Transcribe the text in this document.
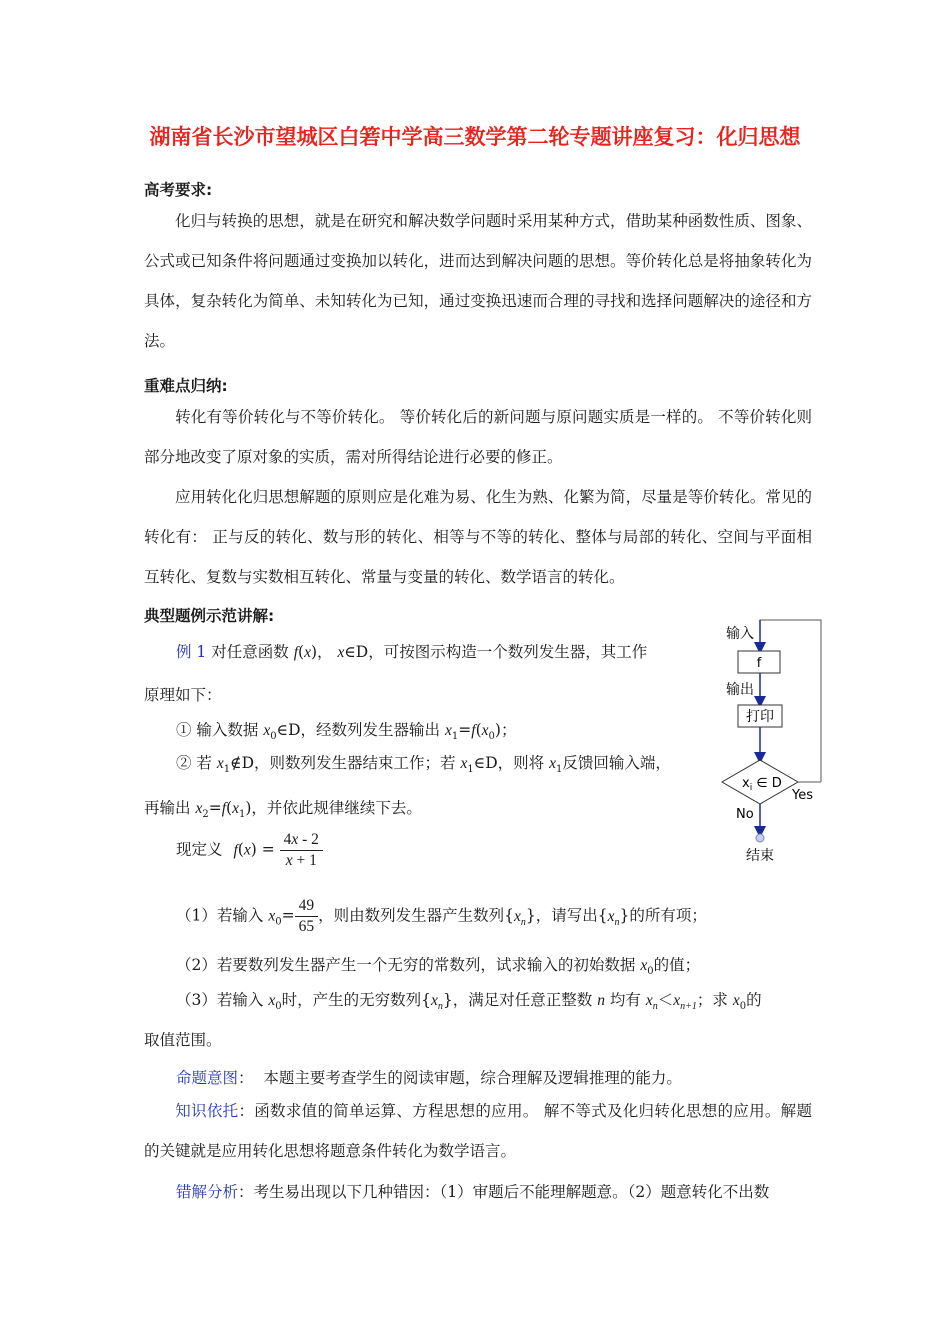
湖南省长沙市望城区白箬中学高三数学第二轮专题讲座复习：化归思想
高考要求:
化归与转换的思想，就是在研究和解决数学问题时采用某种方式，借助某种函数性质、图象、公式或已知条件将问题通过变换加以转化，进而达到解决问题的思想。等价转化总是将抽象转化为具体，复杂转化为简单、未知转化为已知，通过变换迅速而合理的寻找和选择问题解决的途径和方法。
重难点归纳:
转化有等价转化与不等价转化。 等价转化后的新问题与原问题实质是一样的。 不等价转化则部分地改变了原对象的实质，需对所得结论进行必要的修正。
应用转化化归思想解题的原则应是化难为易、化生为熟、化繁为简，尽量是等价转化。常见的转化有： 正与反的转化、数与形的转化、相等与不等的转化、整体与局部的转化、空间与平面相互转化、复数与实数相互转化、常量与变量的转化、数学语言的转化。
典型题例示范讲解:
例 1 对任意函数 f(x)， x∈D，可按图示构造一个数列发生器，其工作
原理如下：
① 输入数据 $x_0\in D$，经数列发生器输出 $x_1=f(x_0)$；
② 若 $x_1\notin D$，则数列发生器结束工作；若 $x_1\in D$，则将 $x_1$反馈回输入端，
再输出 $x_2=f(x_1)$，并依此规律继续下去。
现定义 $f(x) = \frac{4x - 2}{x + 1}$
（1）若输入 $x_0= \frac{49}{65}$ ，则由数列发生器产生数列$\{x_n\}$，请写出$\{x_n\}$的所有项；
（2）若要数列发生器产生一个无穷的常数列，试求输入的初始数据 $x_0$的值；
（3）若输入 $x_0$时，产生的无穷数列$\{x_n\}$，满足对任意正整数 n 均有 $x_n<x_{n+1}$；求 $x_0$的
取值范围。
命题意图：  本题主要考查学生的阅读审题，综合理解及逻辑推理的能力。
知识依托：函数求值的简单运算、方程思想的应用。 解不等式及化归转化思想的应用。解题的关键就是应用转化思想将题意条件转化为数学语言。
错解分析：考生易出现以下几种错因：（1）审题后不能理解题意。（2）题意转化不出数
输入
f
输出
打印
$x_i$ ∈ D
Yes
No
结束
